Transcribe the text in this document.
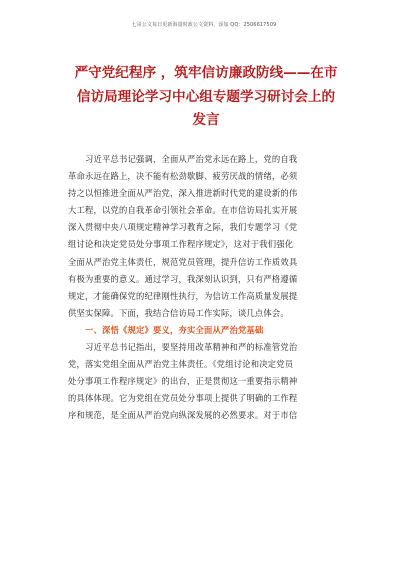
七哥公文每日更新海量时政公文资料，添加 QQ：2506617509
严守党纪程序 ，筑牢信访廉政防线——在市
信访局理论学习中心组专题学习研讨会上的
发言
　　习近平总书记强调，全面从严治党永远在路上，党的自我
革命永远在路上，决不能有松劲歇脚、疲劳厌战的情绪，必须
持之以恒推进全面从严治党，深入推进新时代党的建设新的伟
大工程，以党的自我革命引领社会革命。在市信访局扎实开展
深入贯彻中央八项规定精神学习教育之际，我们专题学习《党
组讨论和决定党员处分事项工作程序规定》，这对于我们强化
全面从严治党主体责任，规范党员管理，提升信访工作质效具
有极为重要的意义。通过学习，我深刻认识到，只有严格遵循
规定，才能确保党的纪律刚性执行，为信访工作高质量发展提
供坚实保障。下面，我结合信访局工作实际，谈几点体会。
　　一、深悟《规定》要义，夯实全面从严治党基础
　　习近平总书记指出，要坚持用改革精神和严的标准管党治
党，落实党组全面从严治党主体责任。《党组讨论和决定党员
处分事项工作程序规定》的出台，正是贯彻这一重要指示精神
的具体体现。它为党组在党员处分事项上提供了明确的工作程
序和规范，是全面从严治党向纵深发展的必然要求。对于市信
